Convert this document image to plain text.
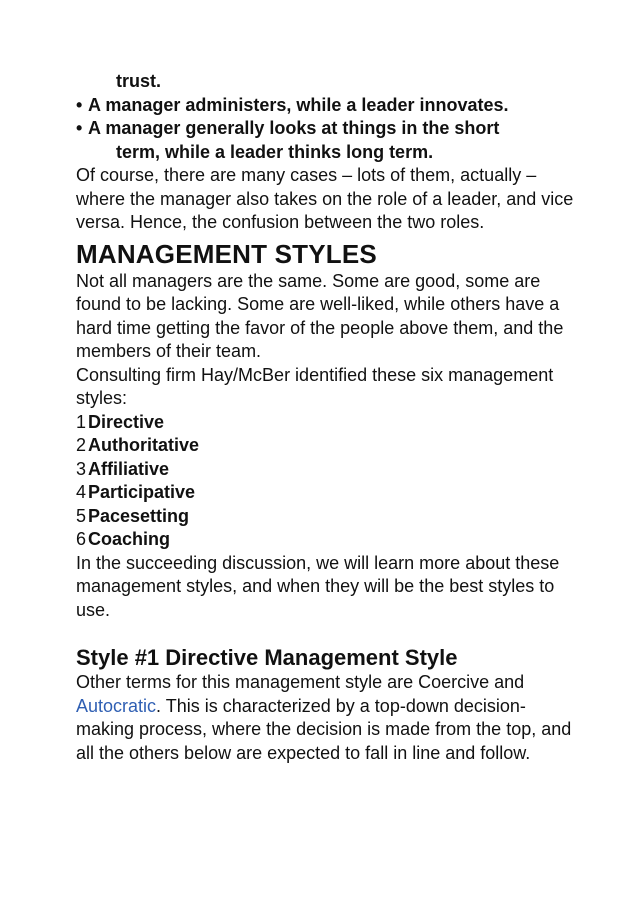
trust.
• A manager administers, while a leader innovates.
• A manager generally looks at things in the short
term, while a leader thinks long term.

Of course, there are many cases – lots of them, actually – where the manager also takes on the role of a leader, and vice versa. Hence, the confusion between the two roles.

MANAGEMENT STYLES

Not all managers are the same. Some are good, some are found to be lacking. Some are well-liked, while others have a hard time getting the favor of the people above them, and the members of their team.

Consulting firm Hay/McBer identified these six management styles:

1 Directive
2 Authoritative
3 Affiliative
4 Participative
5 Pacesetting
6 Coaching

In the succeeding discussion, we will learn more about these management styles, and when they will be the best styles to use.

Style #1 Directive Management Style

Other terms for this management style are Coercive and Autocratic. This is characterized by a top-down decision-making process, where the decision is made from the top, and all the others below are expected to fall in line and follow.
